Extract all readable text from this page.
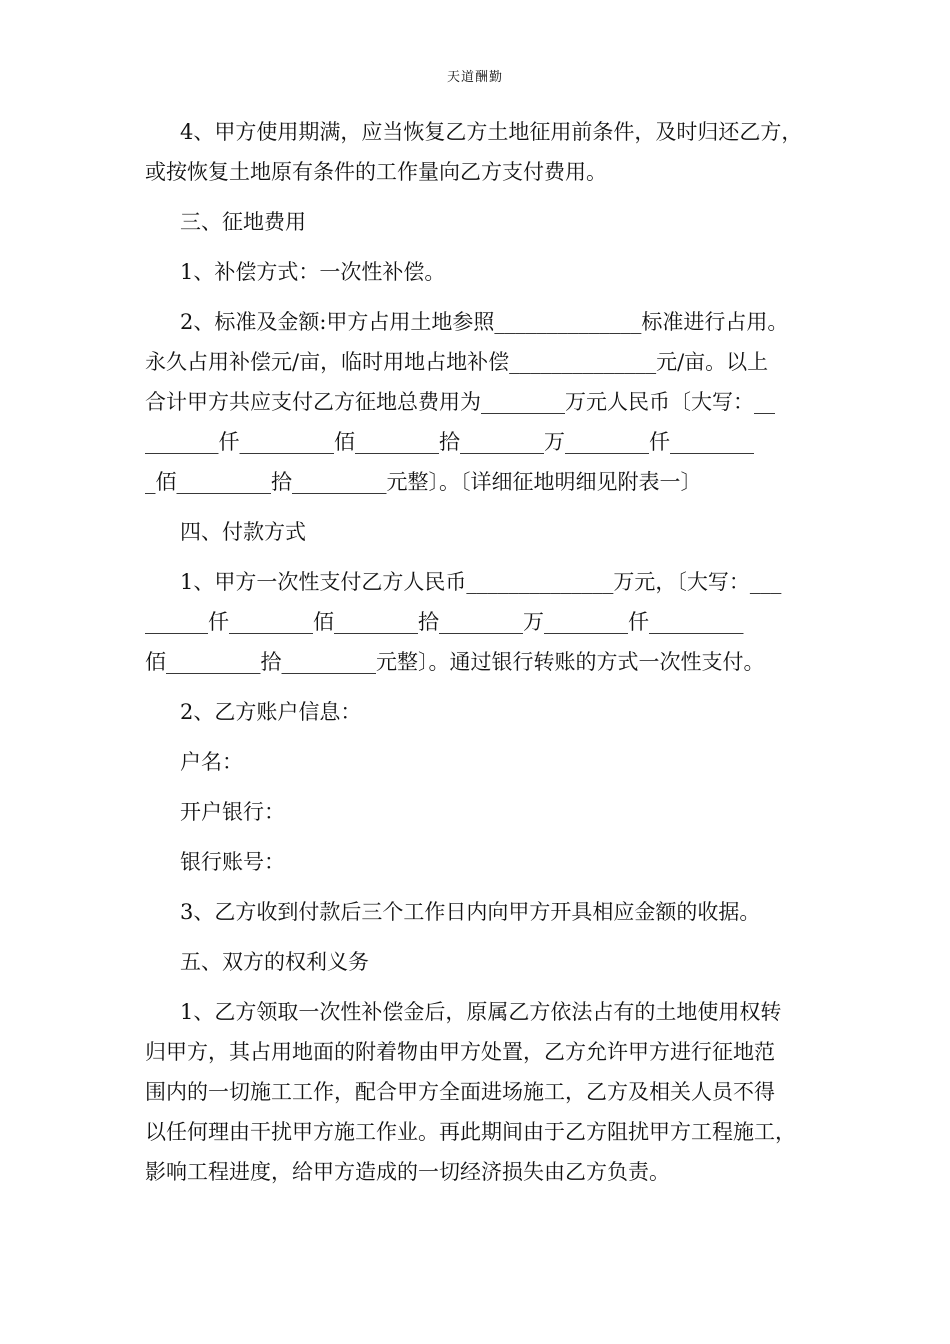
天道酬勤

4、甲方使用期满，应当恢复乙方土地征用前条件，及时归还乙方，

或按恢复土地原有条件的工作量向乙方支付费用。

三、征地费用

1、补偿方式：一次性补偿。

2、标准及金额:甲方占用土地参照______________标准进行占用。

永久占用补偿元/亩，临时用地占地补偿______________元/亩。以上

合计甲方共应支付乙方征地总费用为________万元人民币〔大写：__

_______仟_________佰________拾________万________仟________

_佰_________拾_________元整〕。〔详细征地明细见附表一〕

四、付款方式

1、甲方一次性支付乙方人民币______________万元，〔大写：___

______仟________佰________拾________万________仟_________

佰_________拾_________元整〕。通过银行转账的方式一次性支付。

2、乙方账户信息：

户名：

开户银行：

银行账号：

3、乙方收到付款后三个工作日内向甲方开具相应金额的收据。

五、双方的权利义务

1、乙方领取一次性补偿金后，原属乙方依法占有的土地使用权转

归甲方，其占用地面的附着物由甲方处置，乙方允许甲方进行征地范

围内的一切施工工作，配合甲方全面进场施工，乙方及相关人员不得

以任何理由干扰甲方施工作业。再此期间由于乙方阻扰甲方工程施工，

影响工程进度，给甲方造成的一切经济损失由乙方负责。
